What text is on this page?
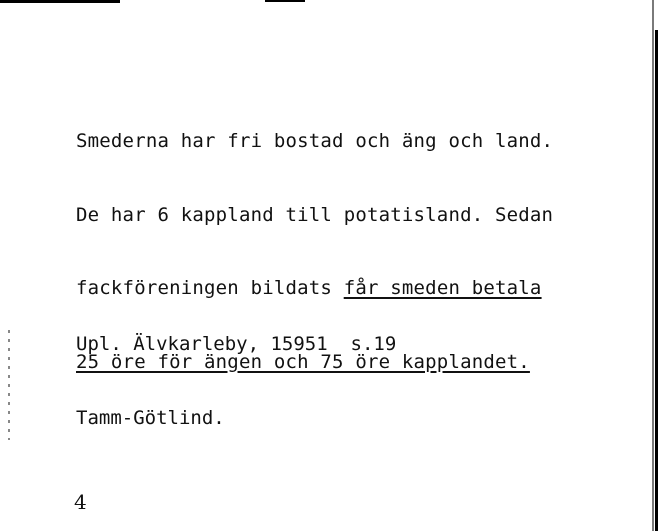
Smederna har fri bostad och äng och land.

De har 6 kappland till potatisland. Sedan

fackföreningen bildats får smeden betala

25 öre för ängen och 75 öre kapplandet.

Upl. Älvkarleby, 15951  s.19

Tamm-Götlind.

4
